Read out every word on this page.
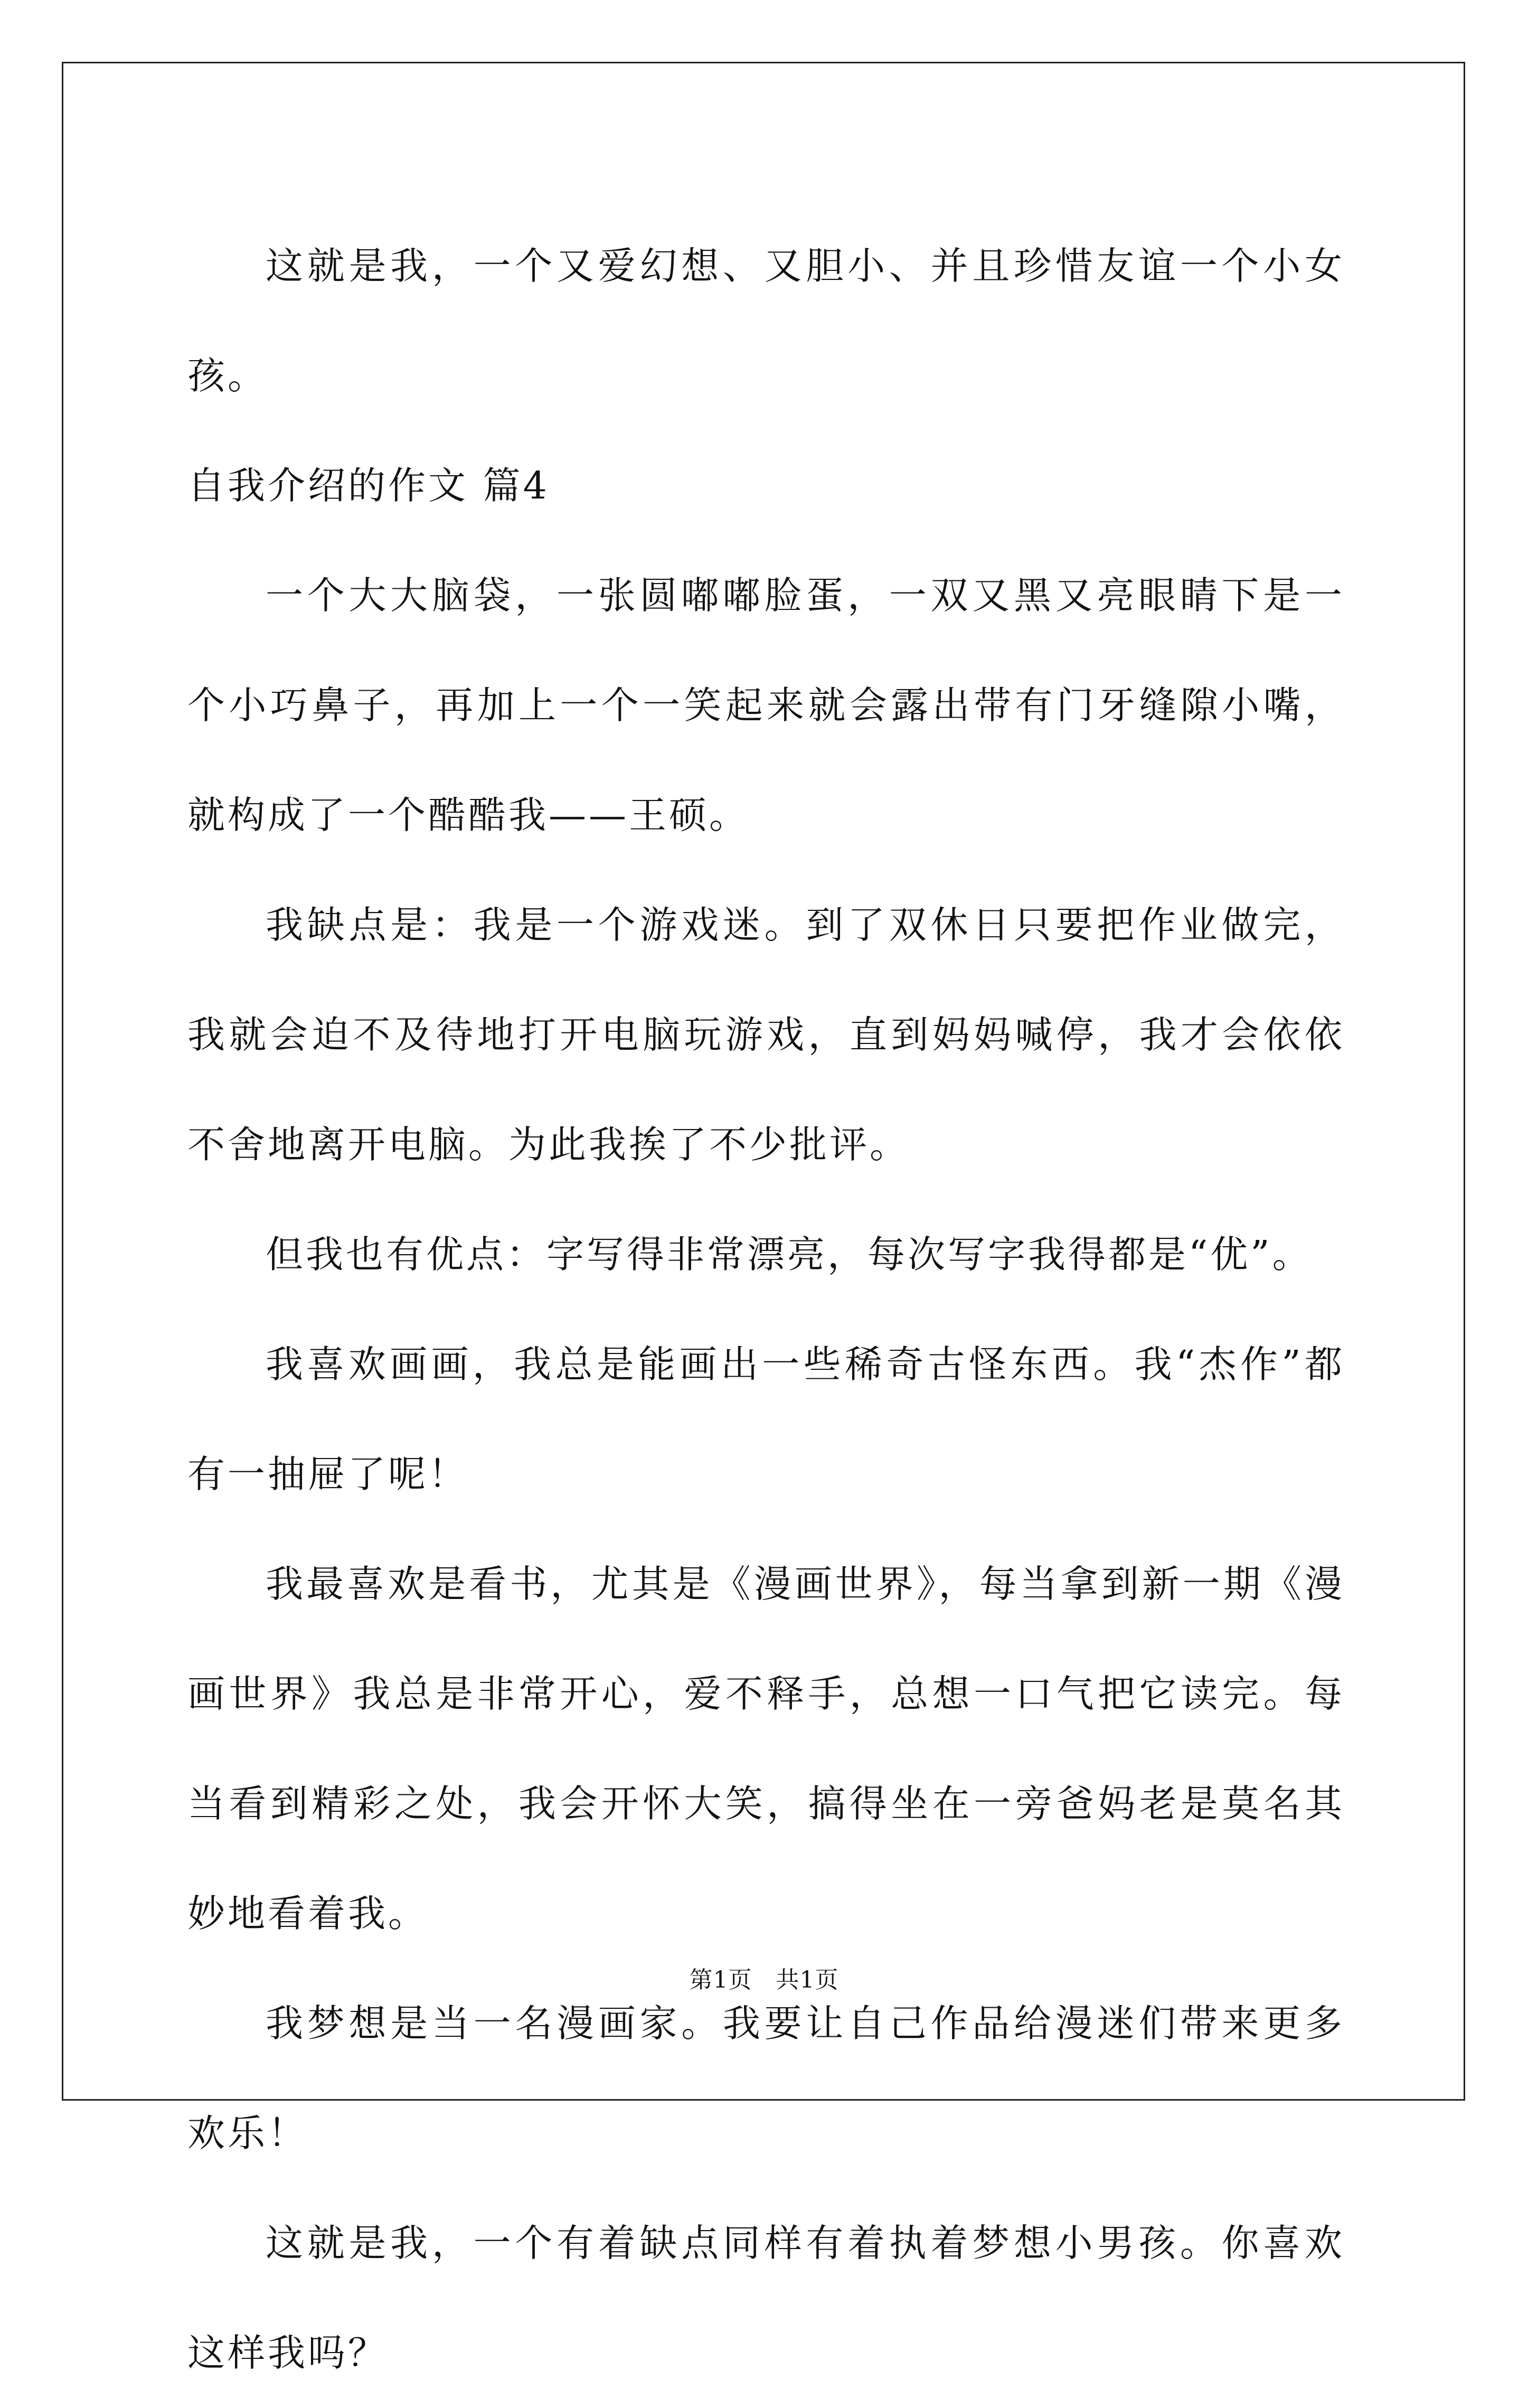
这就是我，一个又爱幻想、又胆小、并且珍惜友谊一个小女孩。

自我介绍的作文 篇4

一个大大脑袋，一张圆嘟嘟脸蛋，一双又黑又亮眼睛下是一个小巧鼻子，再加上一个一笑起来就会露出带有门牙缝隙小嘴，就构成了一个酷酷我——王硕。

我缺点是：我是一个游戏迷。到了双休日只要把作业做完，我就会迫不及待地打开电脑玩游戏，直到妈妈喊停，我才会依依不舍地离开电脑。为此我挨了不少批评。

但我也有优点：字写得非常漂亮，每次写字我得都是“优”。

我喜欢画画，我总是能画出一些稀奇古怪东西。我“杰作”都有一抽屉了呢！

我最喜欢是看书，尤其是《漫画世界》，每当拿到新一期《漫画世界》我总是非常开心，爱不释手，总想一口气把它读完。每当看到精彩之处，我会开怀大笑，搞得坐在一旁爸妈老是莫名其妙地看着我。

我梦想是当一名漫画家。我要让自己作品给漫迷们带来更多欢乐！

这就是我，一个有着缺点同样有着执着梦想小男孩。你喜欢这样我吗？

第1页　共1页
